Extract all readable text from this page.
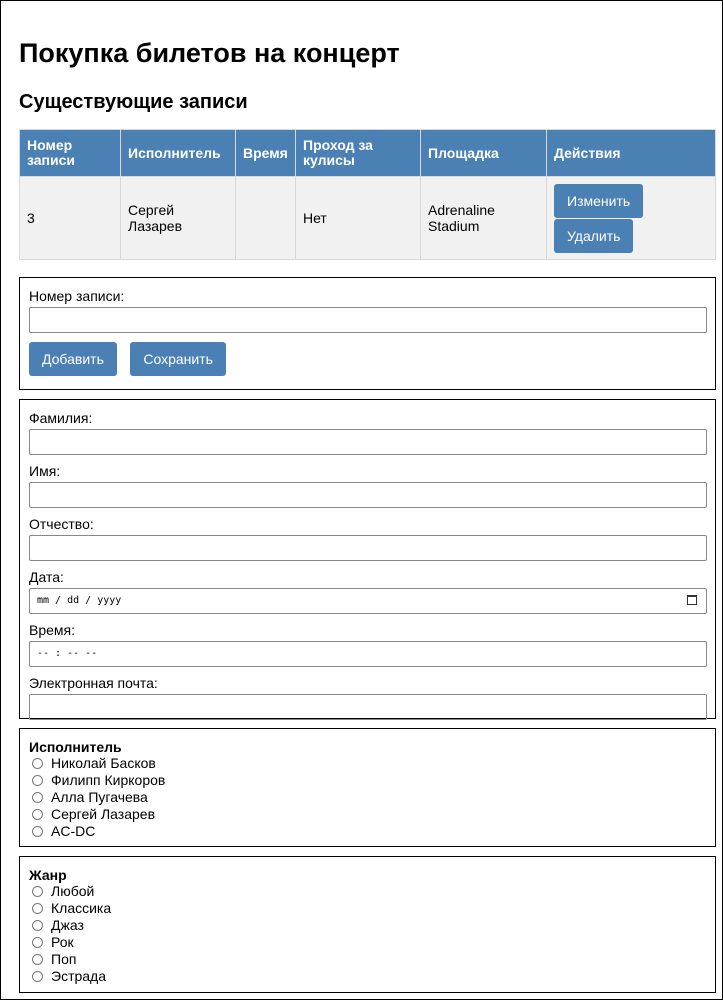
Покупка билетов на концерт
Существующие записи
Номер записи	Исполнитель	Время	Проход за кулисы	Площадка	Действия
3	Сергей Лазарев		Нет	Adrenaline Stadium	Изменить
Удалить
Номер записи:
Добавить	Сохранить
Фамилия:
Имя:
Отчество:
Дата:
mm / dd / yyyy
Время:
-- : -- --
Электронная почта:
Исполнитель
Николай Басков
Филипп Киркоров
Алла Пугачева
Сергей Лазарев
AC-DC
Жанр
Любой
Классика
Джаз
Рок
Поп
Эстрада
